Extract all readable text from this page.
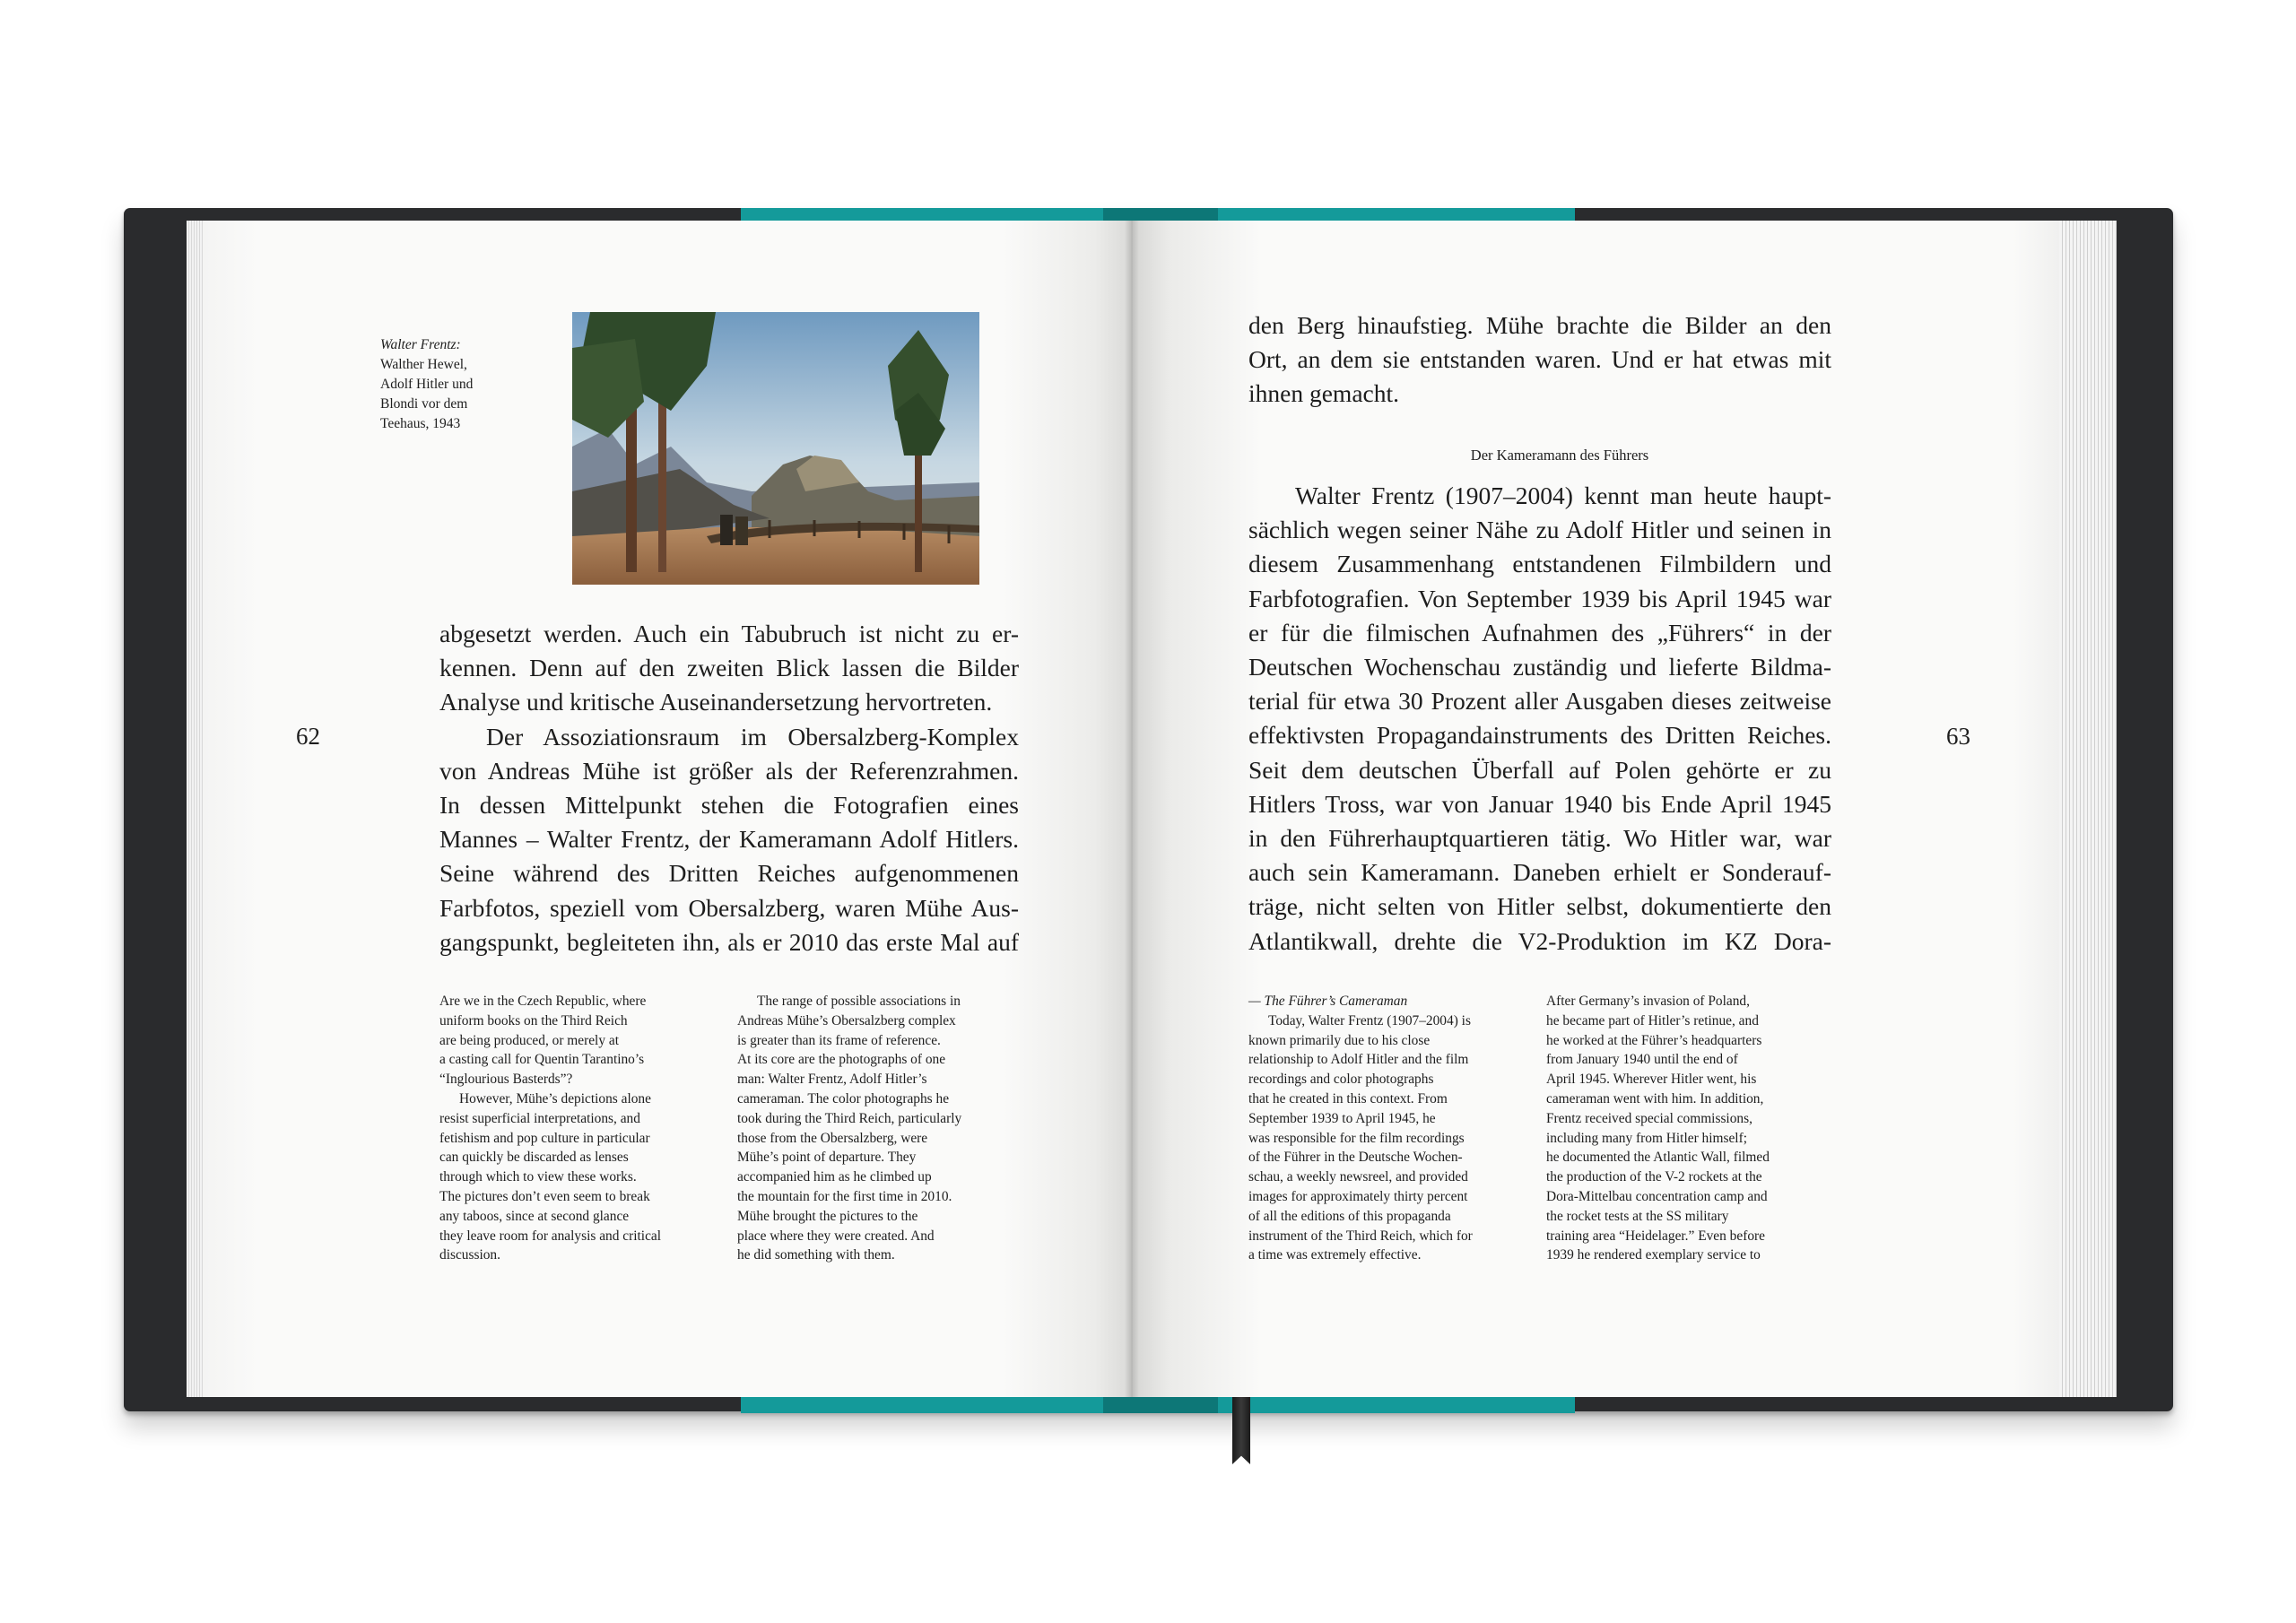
Walter Frentz:
Walther Hewel,
Adolf Hitler und
Blondi vor dem
Teehaus, 1943
62	63
abgesetzt werden. Auch ein Tabubruch ist nicht zu er-
kennen. Denn auf den zweiten Blick lassen die Bilder
Analyse und kritische Auseinandersetzung hervortreten.
Der Assoziationsraum im Obersalzberg-Komplex
von Andreas Mühe ist größer als der Referenzrahmen.
In dessen Mittelpunkt stehen die Fotografien eines
Mannes – Walter Frentz, der Kameramann Adolf Hitlers.
Seine während des Dritten Reiches aufgenommenen
Farbfotos, speziell vom Obersalzberg, waren Mühe Aus-
gangspunkt, begleiteten ihn, als er 2010 das erste Mal auf
Are we in the Czech Republic, where
uniform books on the Third Reich
are being produced, or merely at
a casting call for Quentin Tarantino’s
“Inglourious Basterds”?
However, Mühe’s depictions alone
resist superficial interpretations, and
fetishism and pop culture in particular
can quickly be discarded as lenses
through which to view these works.
The pictures don’t even seem to break
any taboos, since at second glance
they leave room for analysis and critical
discussion.
The range of possible associations in
Andreas Mühe’s Obersalzberg complex
is greater than its frame of reference.
At its core are the photographs of one
man: Walter Frentz, Adolf Hitler’s
cameraman. The color photographs he
took during the Third Reich, particularly
those from the Obersalzberg, were
Mühe’s point of departure. They
accompanied him as he climbed up
the mountain for the first time in 2010.
Mühe brought the pictures to the
place where they were created. And
he did something with them.
den Berg hinaufstieg. Mühe brachte die Bilder an den
Ort, an dem sie entstanden waren. Und er hat etwas mit
ihnen gemacht.
Der Kameramann des Führers
Walter Frentz (1907–2004) kennt man heute haupt-
sächlich wegen seiner Nähe zu Adolf Hitler und seinen in
diesem Zusammenhang entstandenen Filmbildern und
Farbfotografien. Von September 1939 bis April 1945 war
er für die filmischen Aufnahmen des „Führers“ in der
Deutschen Wochenschau zuständig und lieferte Bildma-
terial für etwa 30 Prozent aller Ausgaben dieses zeitweise
effektivsten Propagandainstruments des Dritten Reiches.
Seit dem deutschen Überfall auf Polen gehörte er zu
Hitlers Tross, war von Januar 1940 bis Ende April 1945
in den Führerhauptquartieren tätig. Wo Hitler war, war
auch sein Kameramann. Daneben erhielt er Sonderauf-
träge, nicht selten von Hitler selbst, dokumentierte den
Atlantikwall, drehte die V2-Produktion im KZ Dora-
— The Führer’s Cameraman
Today, Walter Frentz (1907–2004) is
known primarily due to his close
relationship to Adolf Hitler and the film
recordings and color photographs
that he created in this context. From
September 1939 to April 1945, he
was responsible for the film recordings
of the Führer in the Deutsche Wochen-
schau, a weekly newsreel, and provided
images for approximately thirty percent
of all the editions of this propaganda
instrument of the Third Reich, which for
a time was extremely effective.
After Germany’s invasion of Poland,
he became part of Hitler’s retinue, and
he worked at the Führer’s headquarters
from January 1940 until the end of
April 1945. Wherever Hitler went, his
cameraman went with him. In addition,
Frentz received special commissions,
including many from Hitler himself;
he documented the Atlantic Wall, filmed
the production of the V-2 rockets at the
Dora-Mittelbau concentration camp and
the rocket tests at the SS military
training area “Heidelager.” Even before
1939 he rendered exemplary service to
